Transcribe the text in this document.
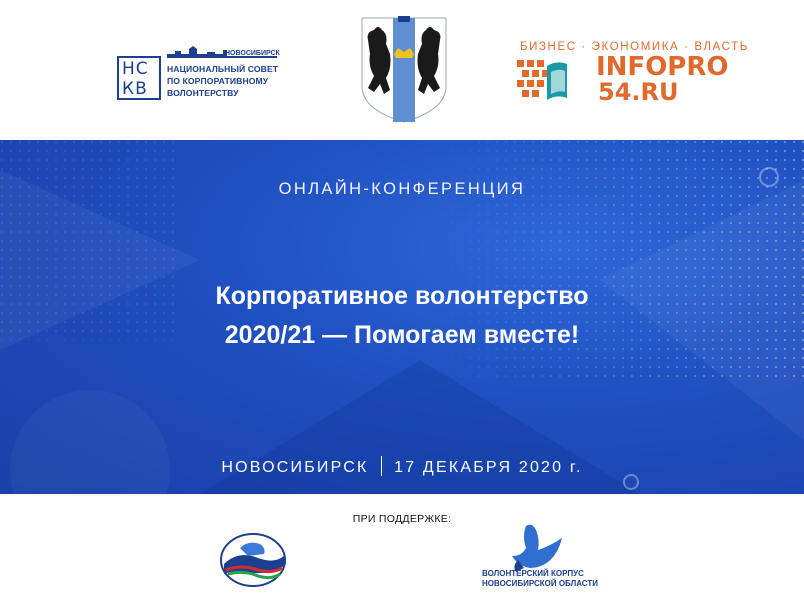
НОВОСИБИРСК
НС
КВ
НАЦИОНАЛЬНЫЙ СОВЕТ
ПО КОРПОРАТИВНОМУ
ВОЛОНТЕРСТВУ
БИЗНЕС · ЭКОНОМИКА · ВЛАСТЬ
INFOPRO
54.RU
ОНЛАЙН-КОНФЕРЕНЦИЯ
Корпоративное волонтерство
2020/21 — Помогаем вместе!
НОВОСИБИРСК 17 ДЕКАБРЯ 2020 г.
ПРИ ПОДДЕРЖКЕ:
ВОЛОНТЁРСКИЙ КОРПУС
НОВОСИБИРСКОЙ ОБЛАСТИ
